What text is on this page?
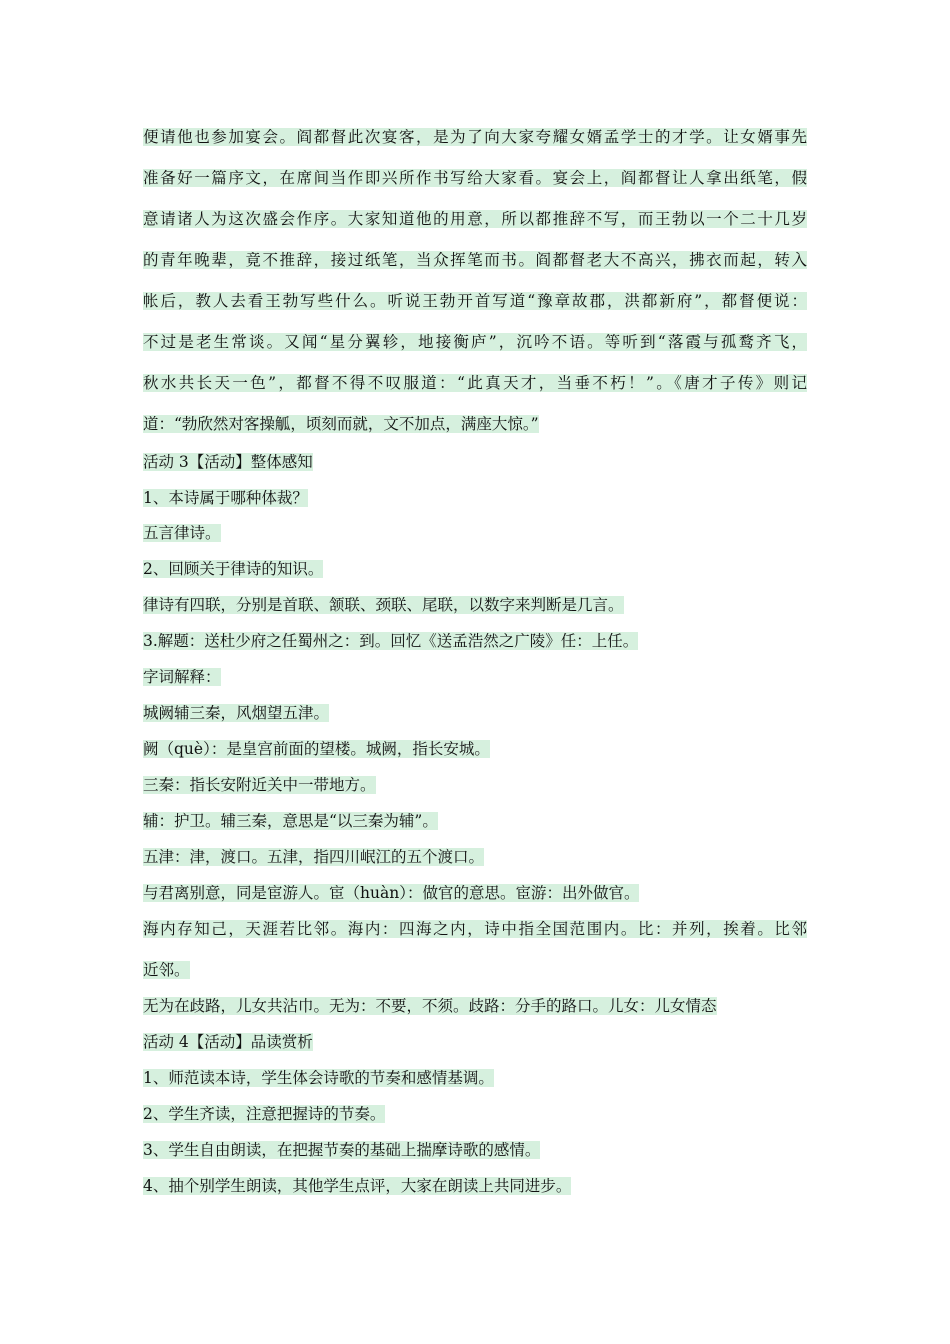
便请他也参加宴会。阎都督此次宴客，是为了向大家夸耀女婿孟学士的才学。让女婿事先
准备好一篇序文，在席间当作即兴所作书写给大家看。宴会上，阎都督让人拿出纸笔，假
意请诸人为这次盛会作序。大家知道他的用意，所以都推辞不写，而王勃以一个二十几岁
的青年晚辈，竟不推辞，接过纸笔，当众挥笔而书。阎都督老大不高兴，拂衣而起，转入
帐后，教人去看王勃写些什么。听说王勃开首写道“豫章故郡，洪都新府”，都督便说：
不过是老生常谈。又闻“星分翼轸，地接衡庐”，沉吟不语。等听到“落霞与孤鹜齐飞，
秋水共长天一色”，都督不得不叹服道：“此真天才，当垂不朽！”。《唐才子传》则记
道：“勃欣然对客操觚，顷刻而就，文不加点，满座大惊。”
活动 3【活动】整体感知
1、本诗属于哪种体裁？
五言律诗。
2、回顾关于律诗的知识。
律诗有四联，分别是首联、颔联、颈联、尾联，以数字来判断是几言。
3.解题：送杜少府之任蜀州之：到。回忆《送孟浩然之广陵》任：上任。
字词解释：
城阙辅三秦，风烟望五津。
阙（què）：是皇宫前面的望楼。城阙，指长安城。
三秦：指长安附近关中一带地方。
辅：护卫。辅三秦，意思是“以三秦为辅”。
五津：津，渡口。五津，指四川岷江的五个渡口。
与君离别意，同是宦游人。宦（huàn）：做官的意思。宦游：出外做官。
海内存知己，天涯若比邻。海内：四海之内，诗中指全国范围内。比：并列，挨着。比邻
近邻。
无为在歧路，儿女共沾巾。无为：不要，不须。歧路：分手的路口。儿女：儿女情态
活动 4【活动】品读赏析
1、师范读本诗，学生体会诗歌的节奏和感情基调。
2、学生齐读，注意把握诗的节奏。
3、学生自由朗读，在把握节奏的基础上揣摩诗歌的感情。
4、抽个别学生朗读，其他学生点评，大家在朗读上共同进步。
